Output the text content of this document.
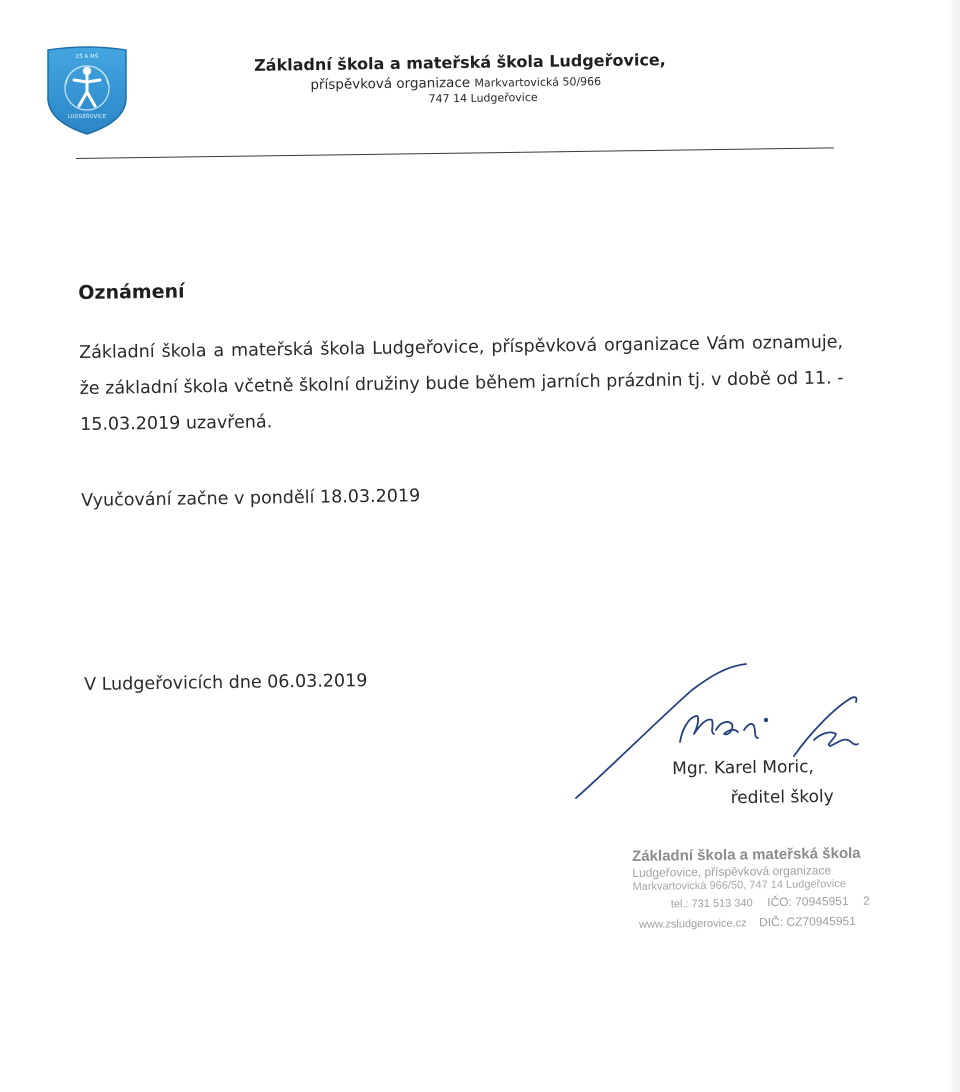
ZŠ A MŠ
LUDGEŘOVICE
Základní škola a mateřská škola Ludgeřovice,
příspěvková organizace Markvartovická 50/966
747 14 Ludgeřovice
Oznámení
Základní škola a mateřská škola Ludgeřovice, příspěvková organizace Vám oznamuje, že základní škola včetně školní družiny bude během jarních prázdnin tj. v době od 11. - 15.03.2019 uzavřená.
Vyučování začne v pondělí 18.03.2019
V Ludgeřovicích dne 06.03.2019
Mgr. Karel Moric,
ředitel školy
Základní škola a mateřská škola
Ludgeřovice, příspěvková organizace
Markvartovická 966/50, 747 14 Ludgeřovice
tel.: 731 513 340 IČO: 70945951 2
www.zsludgerovice.cz DIČ: CZ70945951
